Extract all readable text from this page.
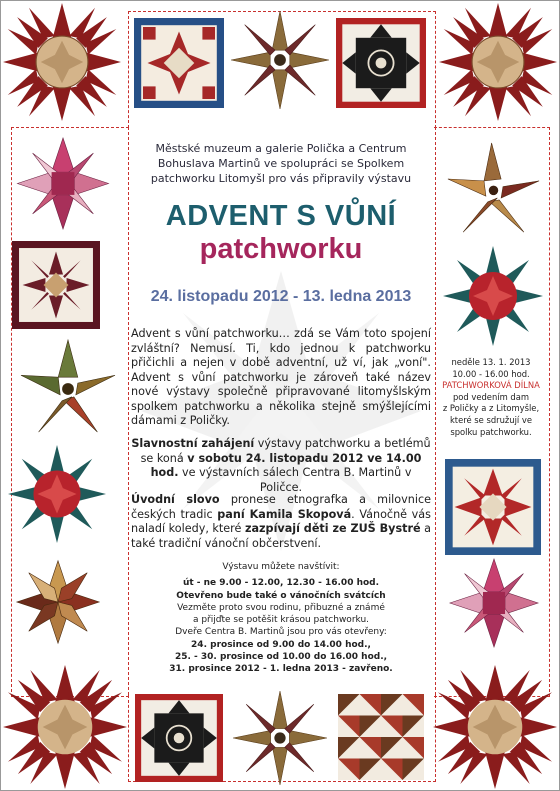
Městské muzeum a galerie Polička a Centrum
Bohuslava Martinů ve spolupráci se Spolkem
patchworku Litomyšl pro vás připravily výstavu
ADVENT S VŮNÍ
patchworku
24. listopadu 2012 - 13. ledna 2013
Advent s vůní patchworku… zdá se Vám toto spojení zvláštní? Nemusí. Ti, kdo jednou k patchworku přičichli a nejen v době adventní, už ví, jak „voní". Advent s vůní patchworku je zároveň také název nové výstavy společně připravované litomyšlským spolkem patchworku a několika stejně smýšlejícími dámami z Poličky.
Slavnostní zahájení výstavy patchworku a betlémů se koná v sobotu 24. listopadu 2012 ve 14.00 hod. ve výstavních sálech Centra B. Martinů v Poličce.
Úvodní slovo pronese etnografka a milovnice českých tradic paní Kamila Skopová. Vánočně vás naladí koledy, které zazpívají děti ze ZUŠ Bystré a také tradiční vánoční občerstvení.
Výstavu můžete navštívit:
út - ne 9.00 - 12.00, 12.30 - 16.00 hod.
Otevřeno bude také o vánočních svátcích
Vezměte proto svou rodinu, přibuzné a známé
a přijďte se potěšit krásou patchworku.
Dveře Centra B. Martinů jsou pro vás otevřeny:
24. prosince od 9.00 do 14.00 hod.,
25. - 30. prosince od 10.00 do 16.00 hod.,
31. prosince 2012 - 1. ledna 2013 - zavřeno.
neděle 13. 1. 2013
10.00 - 16.00 hod.
PATCHWORKOVÁ DÍLNA
pod vedením dam
z Poličky a z Litomyšle,
které se sdružují ve
spolku patchworku.
